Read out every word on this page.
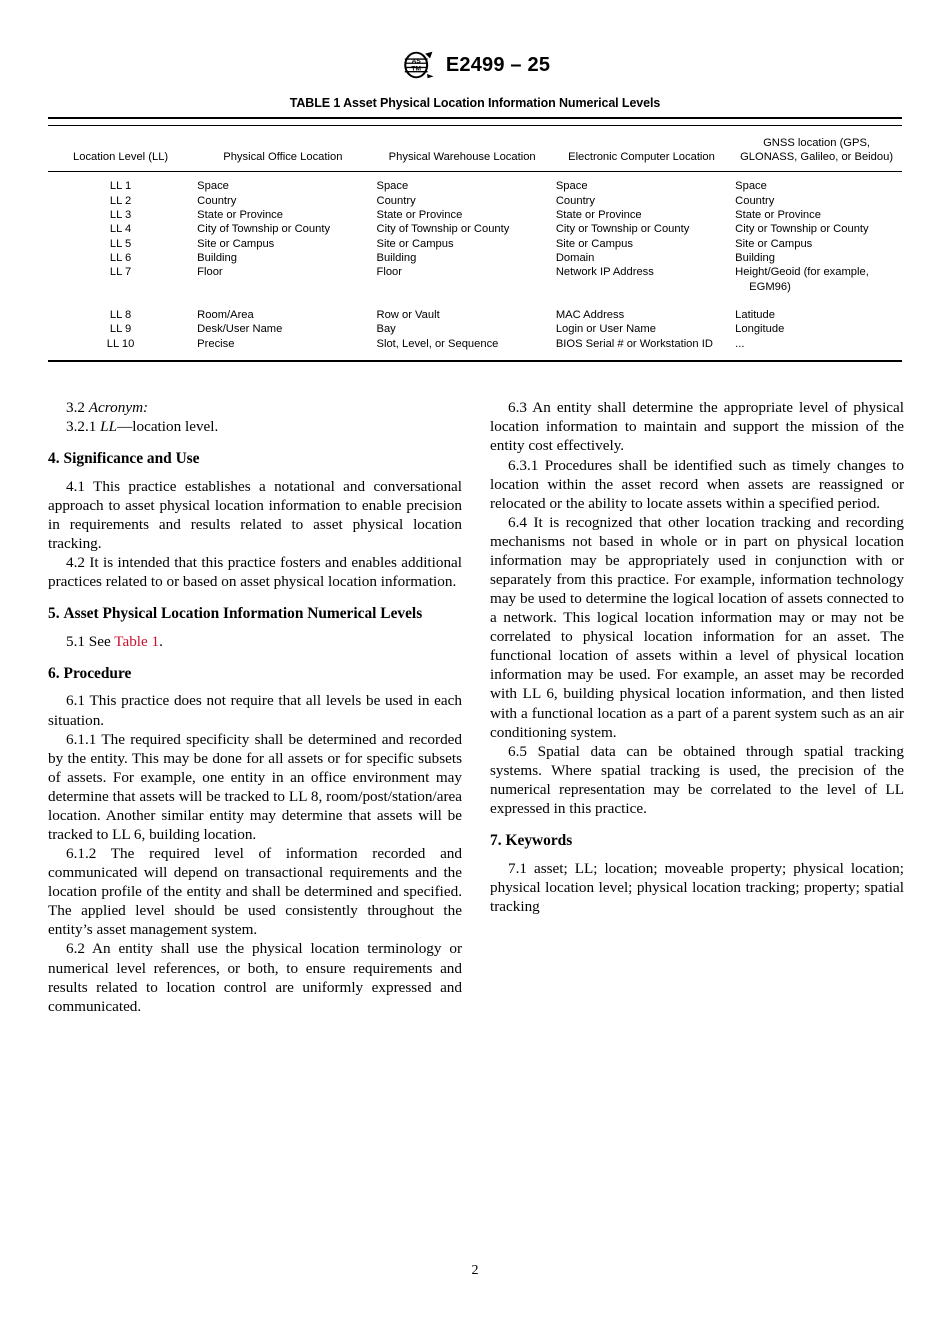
AS
TM E2499 – 25
TABLE 1 Asset Physical Location Information Numerical Levels

Location Level (LL)	Physical Office Location	Physical Warehouse Location	Electronic Computer Location	GNSS location (GPS, GLONASS, Galileo, or Beidou)

LL 1	Space	Space	Space	Space
LL 2	Country	Country	Country	Country
LL 3	State or Province	State or Province	State or Province	State or Province
LL 4	City of Township or County	City of Township or County	City or Township or County	City or Township or County
LL 5	Site or Campus	Site or Campus	Site or Campus	Site or Campus
LL 6	Building	Building	Domain	Building
LL 7	Floor	Floor	Network IP Address	Height/Geoid (for example, EGM96)

LL 8	Room/Area	Row or Vault	MAC Address	Latitude
LL 9	Desk/User Name	Bay	Login or User Name	Longitude
LL 10	Precise	Slot, Level, or Sequence	BIOS Serial # or Workstation ID	...

3.2 Acronym:

3.2.1 LL—location level.

4. Significance and Use

4.1 This practice establishes a notational and conversational approach to asset physical location information to enable precision in requirements and results related to asset physical location tracking.

4.2 It is intended that this practice fosters and enables additional practices related to or based on asset physical location information.

5. Asset Physical Location Information Numerical Levels

5.1 See Table 1.

6. Procedure

6.1 This practice does not require that all levels be used in each situation.

6.1.1 The required specificity shall be determined and recorded by the entity. This may be done for all assets or for specific subsets of assets. For example, one entity in an office environment may determine that assets will be tracked to LL 8, room/post/station/area location. Another similar entity may determine that assets will be tracked to LL 6, building location.

6.1.2 The required level of information recorded and communicated will depend on transactional requirements and the location profile of the entity and shall be determined and specified. The applied level should be used consistently throughout the entity’s asset management system.

6.2 An entity shall use the physical location terminology or numerical level references, or both, to ensure requirements and results related to location control are uniformly expressed and communicated.

6.3 An entity shall determine the appropriate level of physical location information to maintain and support the mission of the entity cost effectively.

6.3.1 Procedures shall be identified such as timely changes to location within the asset record when assets are reassigned or relocated or the ability to locate assets within a specified period.

6.4 It is recognized that other location tracking and recording mechanisms not based in whole or in part on physical location information may be appropriately used in conjunction with or separately from this practice. For example, information technology may be used to determine the logical location of assets connected to a network. This logical location information may or may not be correlated to physical location information for an asset. The functional location of assets within a level of physical location information may be used. For example, an asset may be recorded with LL 6, building physical location information, and then listed with a functional location as a part of a parent system such as an air conditioning system.

6.5 Spatial data can be obtained through spatial tracking systems. Where spatial tracking is used, the precision of the numerical representation may be correlated to the level of LL expressed in this practice.

7. Keywords

7.1 asset; LL; location; moveable property; physical location; physical location level; physical location tracking; property; spatial tracking

2
